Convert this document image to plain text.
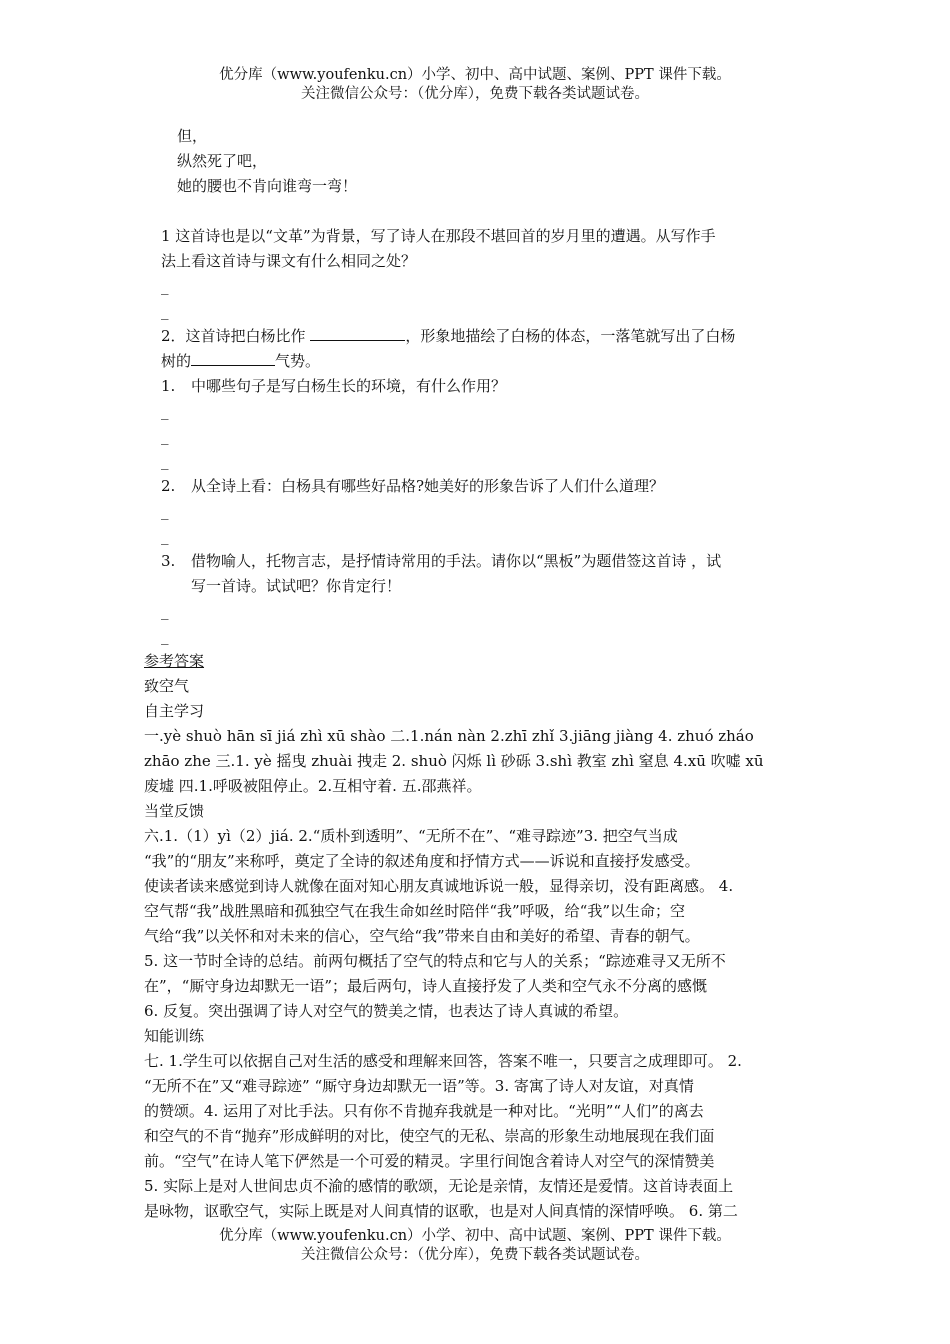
优分库（www.youfenku.cn）小学、初中、高中试题、案例、PPT 课件下载。
关注微信公众号：（优分库），免费下载各类试题试卷。
但，
纵然死了吧，
她的腰也不肯向谁弯一弯！
1 这首诗也是以“文革”为背景，写了诗人在那段不堪回首的岁月里的遭遇。从写作手
法上看这首诗与课文有什么相同之处？
_
_
2．这首诗把白杨比作	，形象地描绘了白杨的体态，一落笔就写出了白杨
树的	气势。
1. 中哪些句子是写白杨生长的环境，有什么作用？
_
_
_
2. 从全诗上看：白杨具有哪些好品格?她美好的形象告诉了人们什么道理？
_
_
3. 借物喻人，托物言志，是抒情诗常用的手法。请你以“黑板”为题借签这首诗 ，试
写一首诗。试试吧？你肯定行！
_
_
参考答案
致空气
自主学习
一.yè shuò hān sī jiá zhì xū shào 二.1.nán nàn 2.zhī zhǐ 3.jiāng jiàng 4. zhuó zháo
zhāo zhe 三.1. yè 摇曳 zhuài 拽走 2. shuò 闪烁 lì 砂砾 3.shì 教室 zhì 窒息 4.xū 吹嘘 xū
废墟 四.1.呼吸被阻停止。2.互相守着. 五.邵燕祥。
当堂反馈
六.1.（1）yì（2）jiá. 2.“质朴到透明”、“无所不在”、“难寻踪迹”3. 把空气当成
“我”的“朋友”来称呼，奠定了全诗的叙述角度和抒情方式——诉说和直接抒发感受。
使读者读来感觉到诗人就像在面对知心朋友真诚地诉说一般，显得亲切，没有距离感。 4.
空气帮“我”战胜黑暗和孤独空气在我生命如丝时陪伴“我”呼吸，给“我”以生命；空
气给“我”以关怀和对未来的信心，空气给“我”带来自由和美好的希望、青春的朝气。
5. 这一节时全诗的总结。前两句概括了空气的特点和它与人的关系；“踪迹难寻又无所不
在”，“厮守身边却默无一语”；最后两句，诗人直接抒发了人类和空气永不分离的感慨
6. 反复。突出强调了诗人对空气的赞美之情，也表达了诗人真诚的希望。
知能训练
七. 1.学生可以依据自己对生活的感受和理解来回答，答案不唯一，只要言之成理即可。 2.
“无所不在”又“难寻踪迹” “厮守身边却默无一语”等。3. 寄寓了诗人对友谊，对真情
的赞颂。4. 运用了对比手法。只有你不肯抛弃我就是一种对比。“光明”“人们”的离去
和空气的不肯“抛弃”形成鲜明的对比，使空气的无私、崇高的形象生动地展现在我们面
前。“空气”在诗人笔下俨然是一个可爱的精灵。字里行间饱含着诗人对空气的深情赞美
5. 实际上是对人世间忠贞不渝的感情的歌颂，无论是亲情，友情还是爱情。这首诗表面上
是咏物，讴歌空气，实际上既是对人间真情的讴歌，也是对人间真情的深情呼唤。 6. 第二
优分库（www.youfenku.cn）小学、初中、高中试题、案例、PPT 课件下载。
关注微信公众号：（优分库），免费下载各类试题试卷。
